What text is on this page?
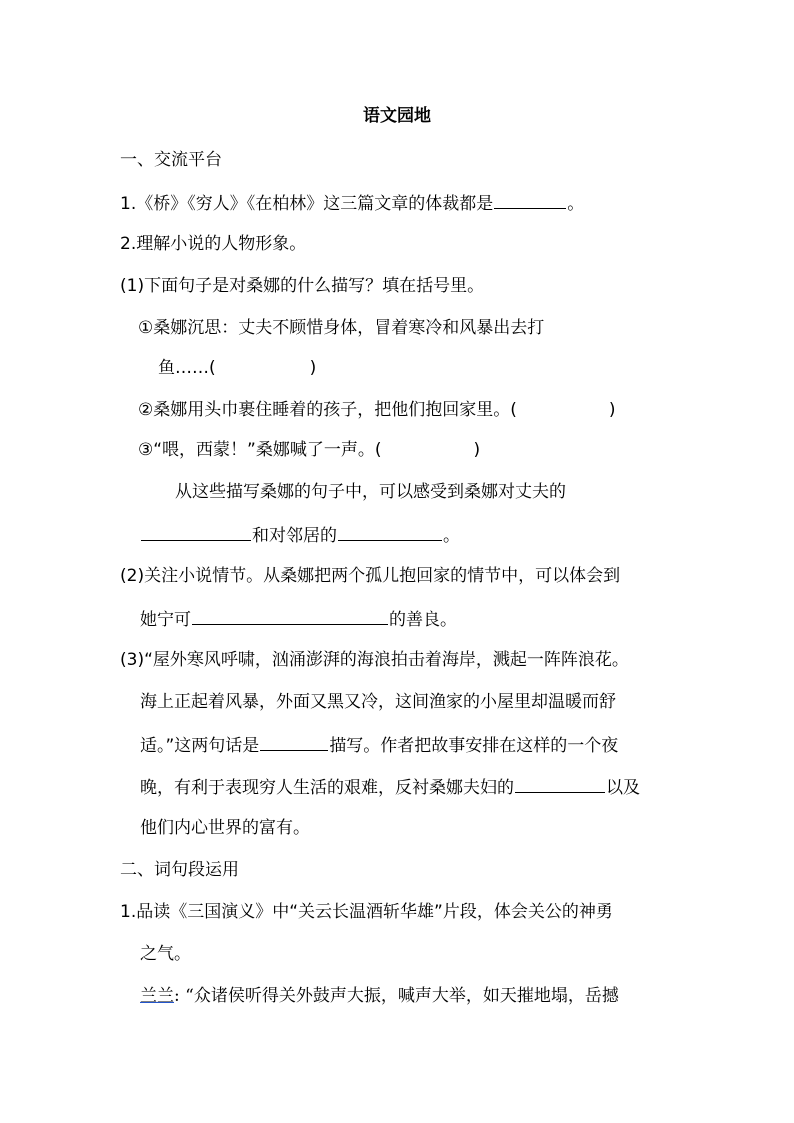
语文园地
一、交流平台
1.《桥》《穷人》《在柏林》这三篇文章的体裁都是	。
2.理解小说的人物形象。
(1)下面句子是对桑娜的什么描写？填在括号里。
①桑娜沉思：丈夫不顾惜身体，冒着寒冷和风暴出去打
鱼……(	)
②桑娜用头巾裹住睡着的孩子，把他们抱回家里。(	)
③“喂，西蒙！”桑娜喊了一声。(	)
从这些描写桑娜的句子中，可以感受到桑娜对丈夫的
和对邻居的	。
(2)关注小说情节。从桑娜把两个孤儿抱回家的情节中，可以体会到
她宁可	的善良。
(3)“屋外寒风呼啸，汹涌澎湃的海浪拍击着海岸，溅起一阵阵浪花。
海上正起着风暴，外面又黑又冷，这间渔家的小屋里却温暖而舒
适。”这两句话是	描写。作者把故事安排在这样的一个夜
晚，有利于表现穷人生活的艰难，反衬桑娜夫妇的	以及
他们内心世界的富有。
二、词句段运用
1.品读《三国演义》中“关云长温酒斩华雄”片段，体会关公的神勇
之气。
兰兰: “众诸侯听得关外鼓声大振，喊声大举，如天摧地塌，岳撼
